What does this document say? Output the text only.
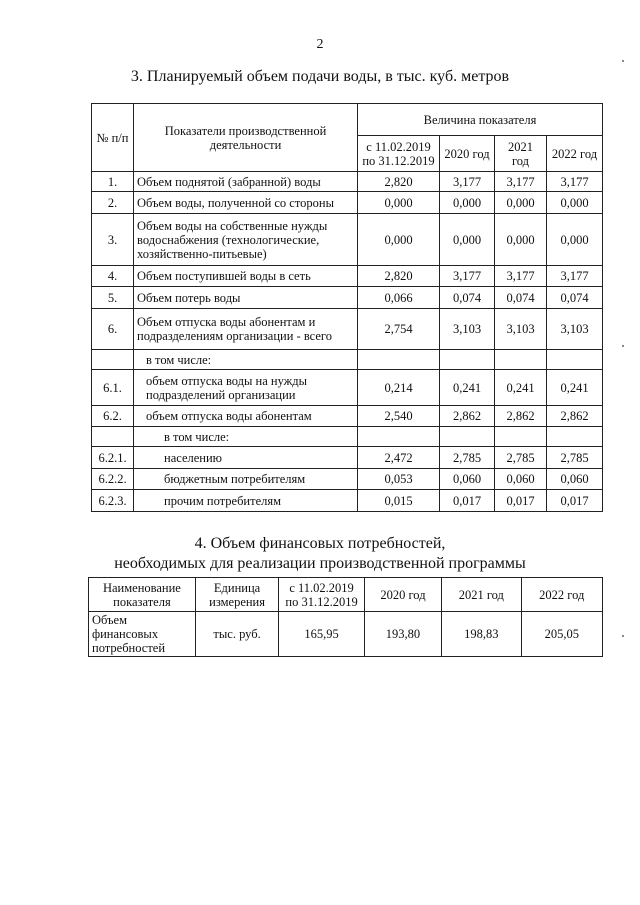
2
3. Планируемый объем подачи воды, в тыс. куб. метров
№ п/п	Показатели производственной деятельности	Величина показателя			
		с 11.02.2019 по 31.12.2019	2020 год	2021 год	2022 год
1.	Объем поднятой (забранной) воды	2,820	3,177	3,177	3,177
2.	Объем воды, полученной со стороны	0,000	0,000	0,000	0,000
3.	Объем воды на собственные нужды водоснабжения (технологические, хозяйственно-питьевые)	0,000	0,000	0,000	0,000
4.	Объем поступившей воды в сеть	2,820	3,177	3,177	3,177
5.	Объем потерь воды	0,066	0,074	0,074	0,074
6.	Объем отпуска воды абонентам и подразделениям организации - всего	2,754	3,103	3,103	3,103
	в том числе:				
6.1.	объем отпуска воды на нужды подразделений организации	0,214	0,241	0,241	0,241
6.2.	объем отпуска воды абонентам	2,540	2,862	2,862	2,862
	в том числе:				
6.2.1.	населению	2,472	2,785	2,785	2,785
6.2.2.	бюджетным потребителям	0,053	0,060	0,060	0,060
6.2.3.	прочим потребителям	0,015	0,017	0,017	0,017
4. Объем финансовых потребностей,
необходимых для реализации производственной программы
Наименование показателя	Единица измерения	с 11.02.2019 по 31.12.2019	2020 год	2021 год	2022 год
Объем финансовых потребностей	тыс. руб.	165,95	193,80	198,83	205,05
